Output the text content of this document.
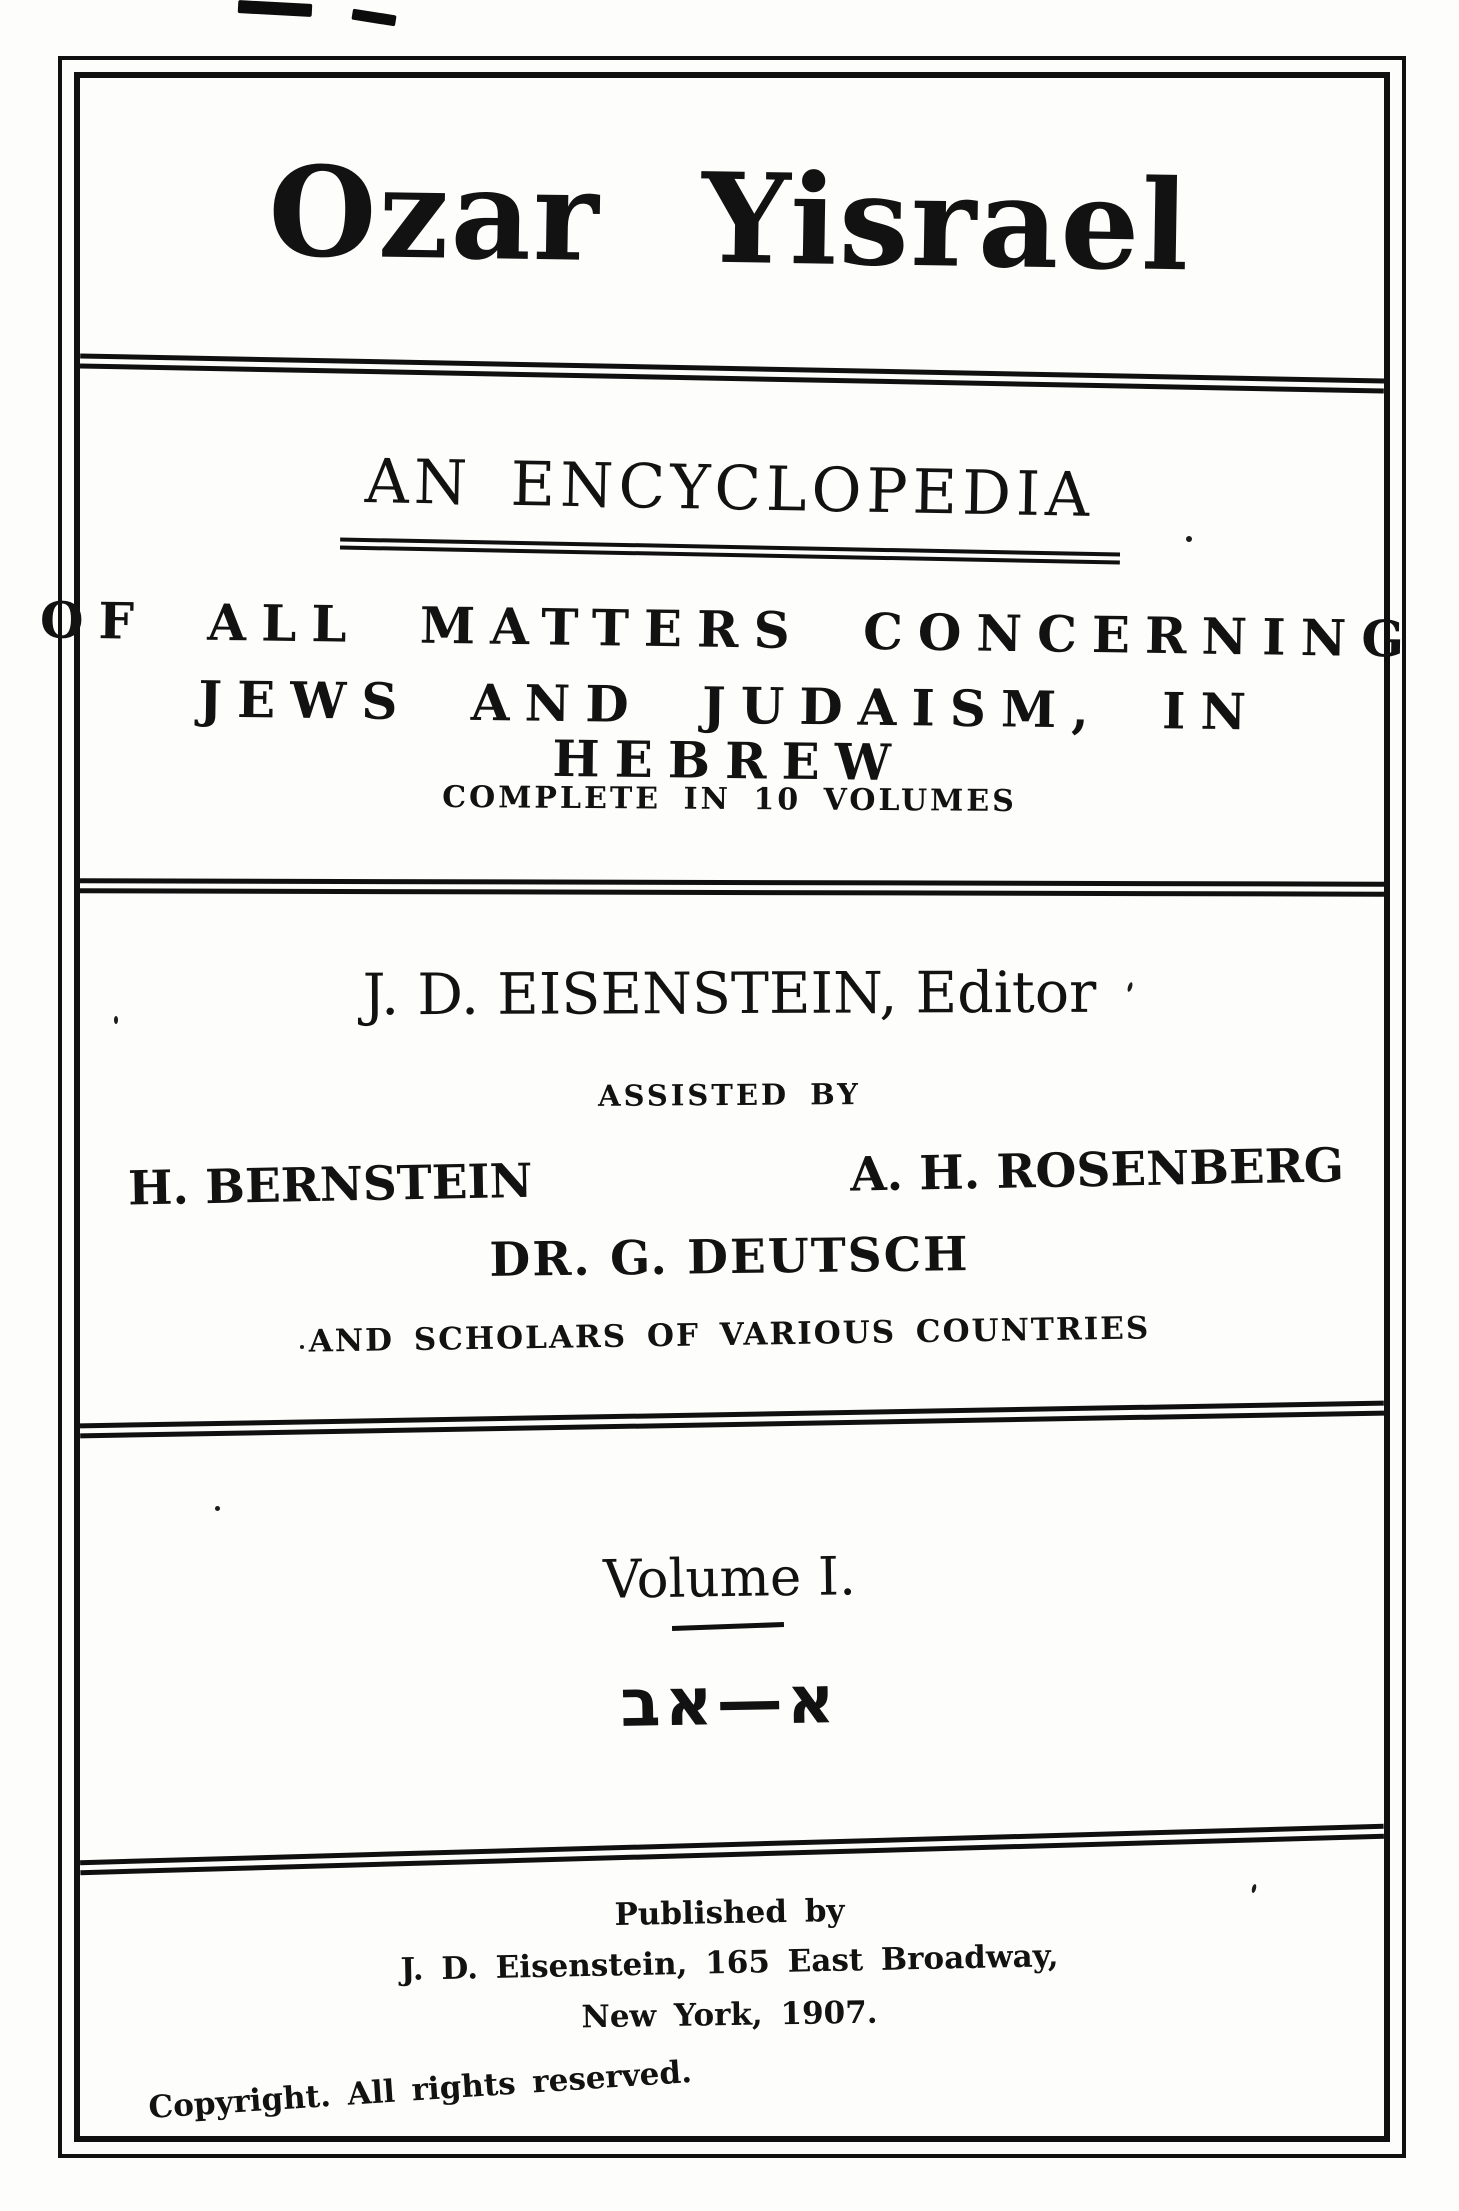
Ozar Yisrael
AN ENCYCLOPEDIA
OF ALL MATTERS CONCERNING
JEWS AND JUDAISM, IN HEBREW
COMPLETE IN 10 VOLUMES
J. D. EISENSTEIN, Editor
ASSISTED BY
H. BERNSTEIN	A. H. ROSENBERG
DR. G. DEUTSCH
AND SCHOLARS OF VARIOUS COUNTRIES
Volume I.
א—אב
Published by
J. D. Eisenstein, 165 East Broadway,
New York, 1907.
Copyright. All rights reserved.
